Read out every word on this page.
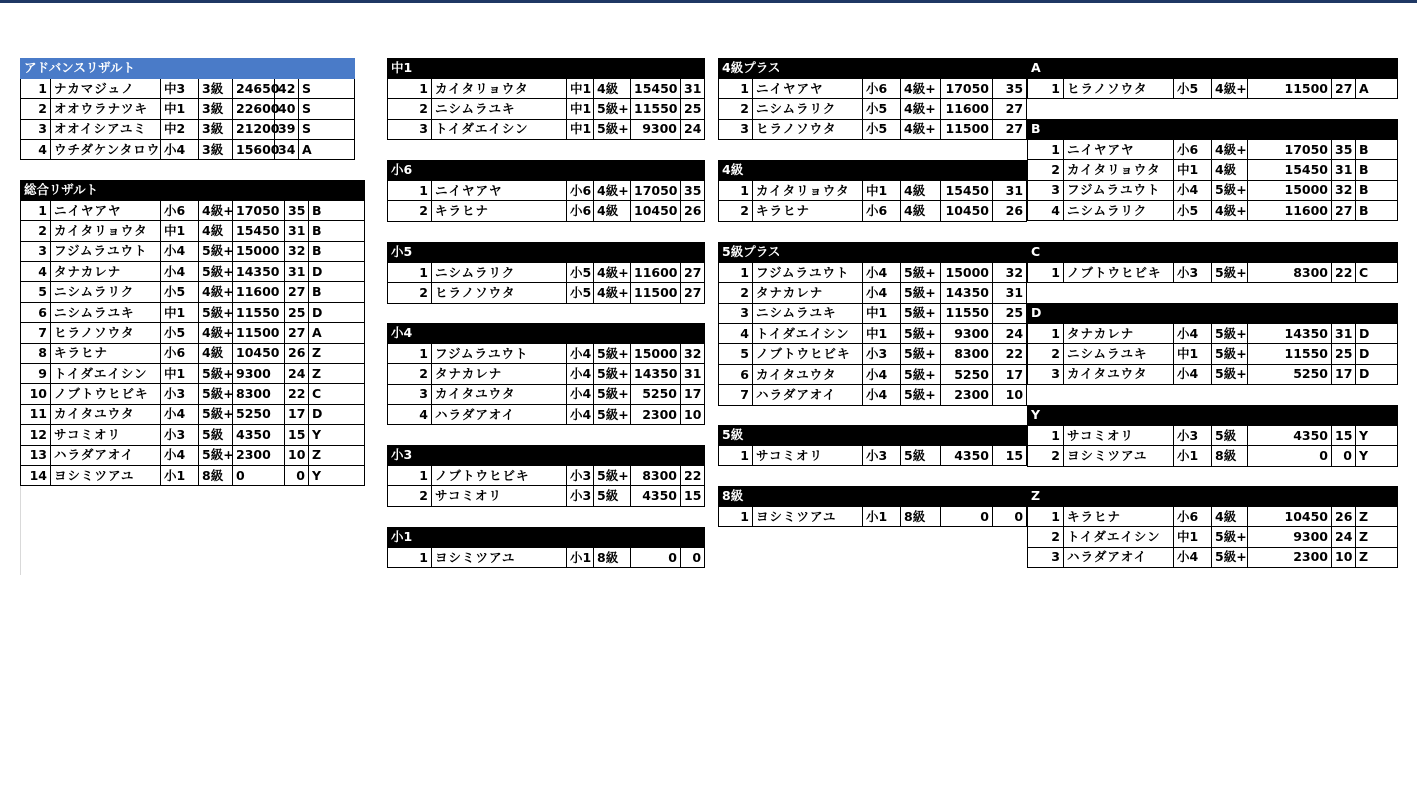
アドバンスリザルト						
1	ナカマジュノ	中3	3級	24650	42	S
2	オオウラナツキ	中1	3級	22600	40	S
3	オオイシアユミ	中2	3級	21200	39	S
4	ウチダケンタロウ	小4	3級	15600	34	A
総合リザルト						
1	ニイヤアヤ	小6	4級+	17050	35	B
2	カイタリョウタ	中1	4級	15450	31	B
3	フジムラユウト	小4	5級+	15000	32	B
4	タナカレナ	小4	5級+	14350	31	D
5	ニシムラリク	小5	4級+	11600	27	B
6	ニシムラユキ	中1	5級+	11550	25	D
7	ヒラノソウタ	小5	4級+	11500	27	A
8	キラヒナ	小6	4級	10450	26	Z
9	トイダエイシン	中1	5級+	9300	24	Z
10	ノブトウヒビキ	小3	5級+	8300	22	C
11	カイタユウタ	小4	5級+	5250	17	D
12	サコミオリ	小3	5級	4350	15	Y
13	ハラダアオイ	小4	5級+	2300	10	Z
14	ヨシミツアユ	小1	8級	0	0	Y
中1					
1	カイタリョウタ	中1	4級	15450	31
2	ニシムラユキ	中1	5級+	11550	25
3	トイダエイシン	中1	5級+	9300	24
小6					
1	ニイヤアヤ	小6	4級+	17050	35
2	キラヒナ	小6	4級	10450	26
小5					
1	ニシムラリク	小5	4級+	11600	27
2	ヒラノソウタ	小5	4級+	11500	27
小4					
1	フジムラユウト	小4	5級+	15000	32
2	タナカレナ	小4	5級+	14350	31
3	カイタユウタ	小4	5級+	5250	17
4	ハラダアオイ	小4	5級+	2300	10
小3					
1	ノブトウヒビキ	小3	5級+	8300	22
2	サコミオリ	小3	5級	4350	15
小1
1	ヨシミツアユ	小1	8級	0	0
4級プラス					
1	ニイヤアヤ	小6	4級+	17050	35
2	ニシムラリク	小5	4級+	11600	27
3	ヒラノソウタ	小5	4級+	11500	27
4級					
1	カイタリョウタ	中1	4級	15450	31
2	キラヒナ	小6	4級	10450	26
5級プラス					
1	フジムラユウト	小4	5級+	15000	32
2	タナカレナ	小4	5級+	14350	31
3	ニシムラユキ	中1	5級+	11550	25
4	トイダエイシン	中1	5級+	9300	24
5	ノブトウヒビキ	小3	5級+	8300	22
6	カイタユウタ	小4	5級+	5250	17
7	ハラダアオイ	小4	5級+	2300	10
5級
1	サコミオリ	小3	5級	4350	15
8級
1	ヨシミツアユ	小1	8級	0	0
A
1	ヒラノソウタ	小5	4級+	11500	27	A
B						
1	ニイヤアヤ	小6	4級+	17050	35	B
2	カイタリョウタ	中1	4級	15450	31	B
3	フジムラユウト	小4	5級+	15000	32	B
4	ニシムラリク	小5	4級+	11600	27	B
C
1	ノブトウヒビキ	小3	5級+	8300	22	C
D						
1	タナカレナ	小4	5級+	14350	31	D
2	ニシムラユキ	中1	5級+	11550	25	D
3	カイタユウタ	小4	5級+	5250	17	D
Y						
1	サコミオリ	小3	5級	4350	15	Y
2	ヨシミツアユ	小1	8級	0	0	Y
Z						
1	キラヒナ	小6	4級	10450	26	Z
2	トイダエイシン	中1	5級+	9300	24	Z
3	ハラダアオイ	小4	5級+	2300	10	Z
